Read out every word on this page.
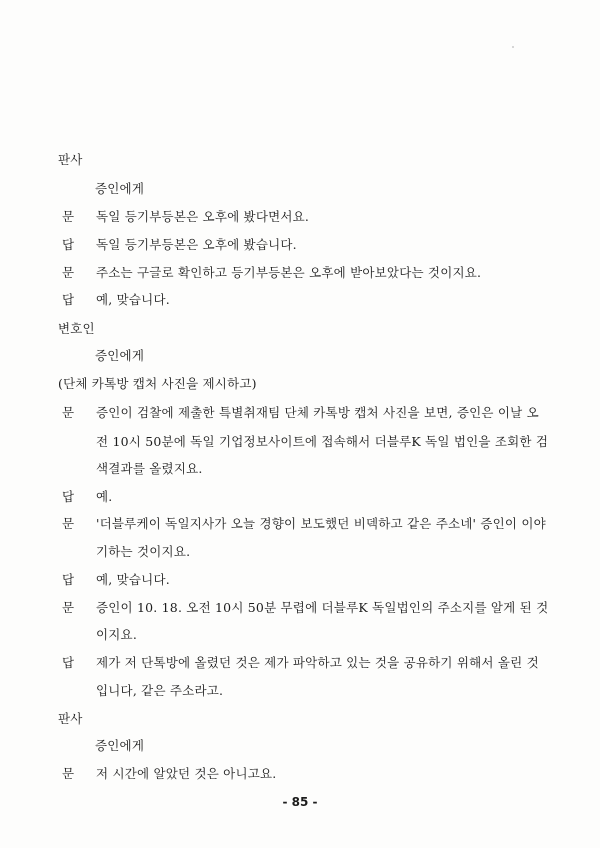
판사
증인에게
문 독일 등기부등본은 오후에 봤다면서요.
답 독일 등기부등본은 오후에 봤습니다.
문 주소는 구글로 확인하고 등기부등본은 오후에 받아보았다는 것이지요.
답 예, 맞습니다.
변호인
증인에게
(단체 카톡방 캡처 사진을 제시하고)
문 증인이 검찰에 제출한 특별취재팀 단체 카톡방 캡처 사진을 보면, 증인은 이날 오
전 10시 50분에 독일 기업정보사이트에 접속해서 더블루K 독일 법인을 조회한 검
색결과를 올렸지요.
답 예.
문 '더블루케이 독일지사가 오늘 경향이 보도했던 비덱하고 같은 주소네' 증인이 이야
기하는 것이지요.
답 예, 맞습니다.
문 증인이 10. 18. 오전 10시 50분 무렵에 더블루K 독일법인의 주소지를 알게 된 것
이지요.
답 제가 저 단톡방에 올렸던 것은 제가 파악하고 있는 것을 공유하기 위해서 올린 것
입니다, 같은 주소라고.
판사
증인에게
문 저 시간에 알았던 것은 아니고요.
- 85 -
